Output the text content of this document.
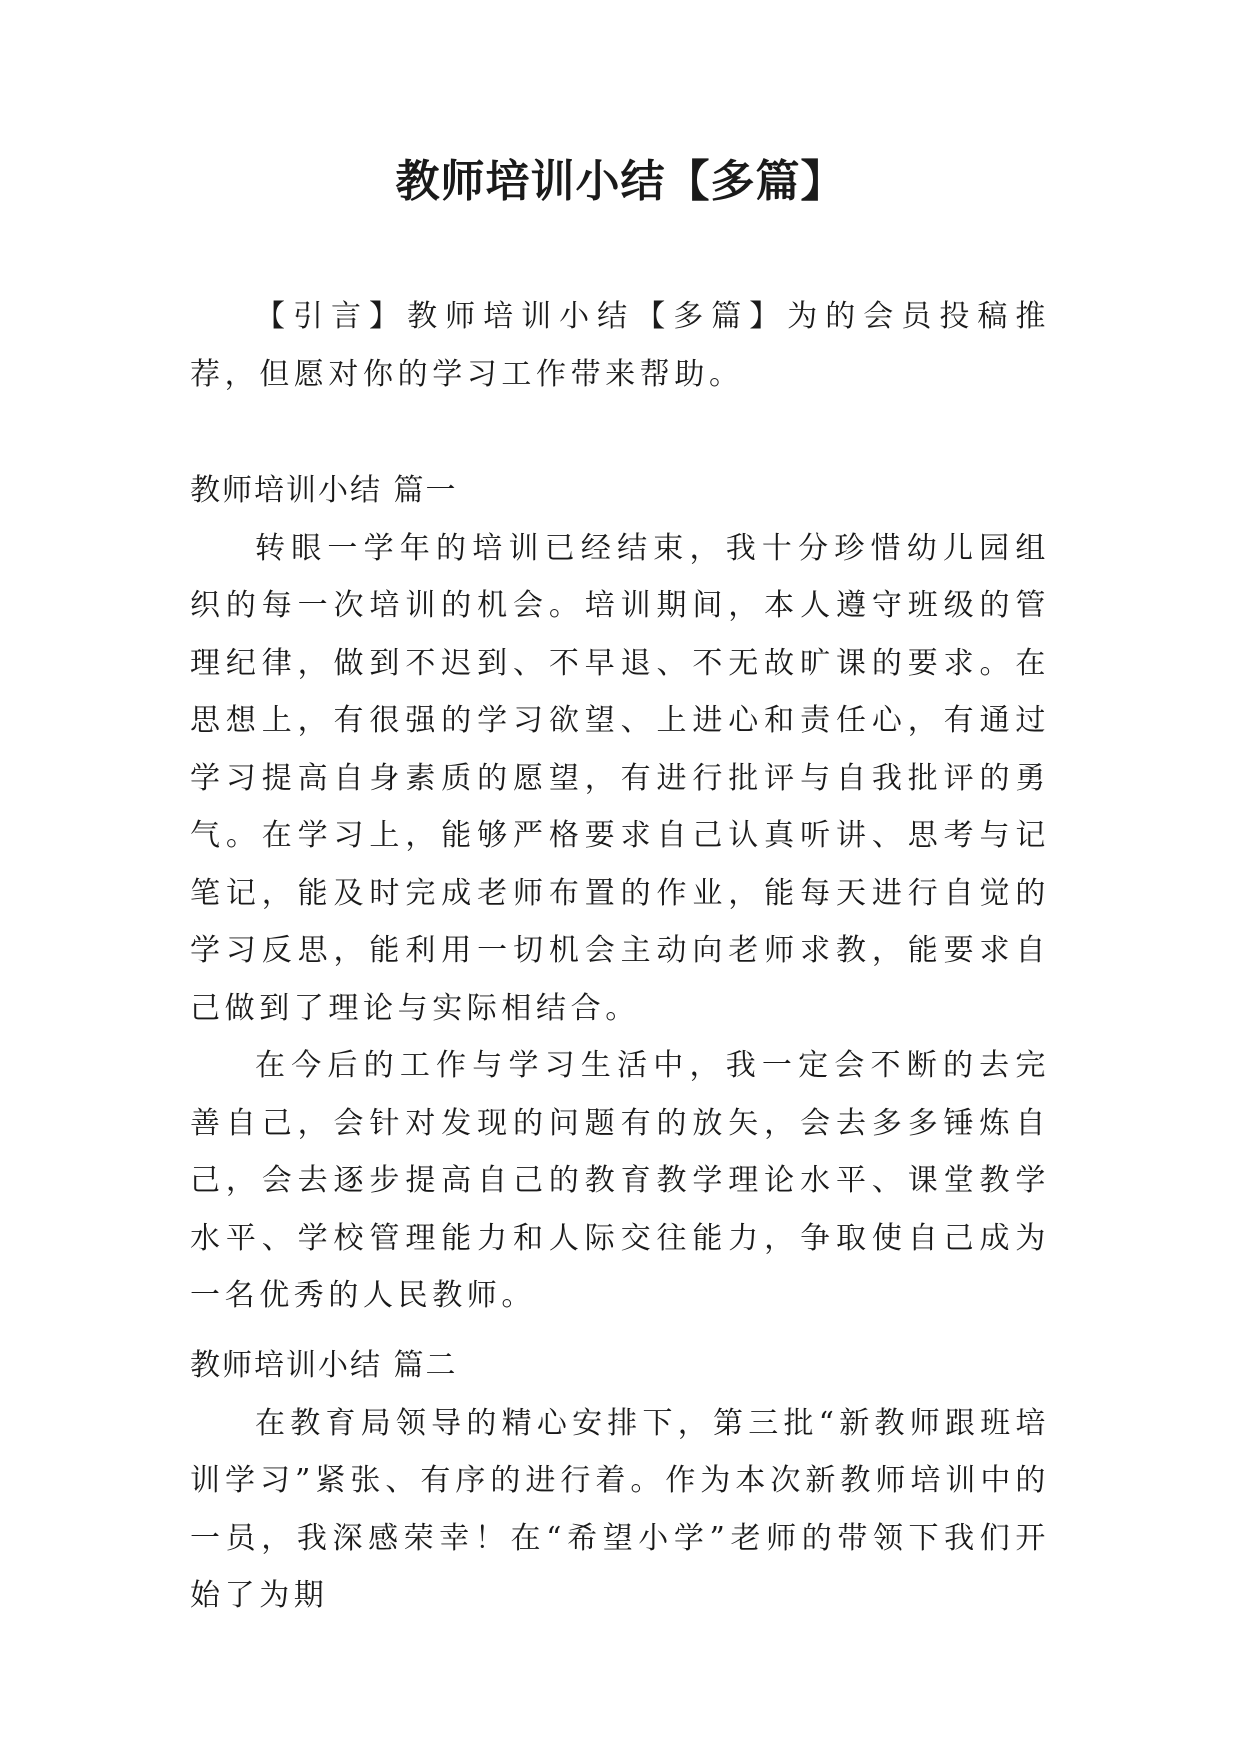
教师培训小结【多篇】

【引言】教师培训小结【多篇】为的会员投稿推荐，但愿对你的学习工作带来帮助。

教师培训小结 篇一

转眼一学年的培训已经结束，我十分珍惜幼儿园组织的每一次培训的机会。培训期间，本人遵守班级的管理纪律，做到不迟到、不早退、不无故旷课的要求。在思想上，有很强的学习欲望、上进心和责任心，有通过学习提高自身素质的愿望，有进行批评与自我批评的勇气。在学习上，能够严格要求自己认真听讲、思考与记笔记，能及时完成老师布置的作业，能每天进行自觉的学习反思，能利用一切机会主动向老师求教，能要求自己做到了理论与实际相结合。

在今后的工作与学习生活中，我一定会不断的去完善自己，会针对发现的问题有的放矢，会去多多锤炼自己，会去逐步提高自己的教育教学理论水平、课堂教学水平、学校管理能力和人际交往能力，争取使自己成为一名优秀的人民教师。

教师培训小结 篇二

在教育局领导的精心安排下，第三批“新教师跟班培训学习”紧张、有序的进行着。作为本次新教师培训中的一员，我深感荣幸！在“希望小学”老师的带领下我们开始了为期
